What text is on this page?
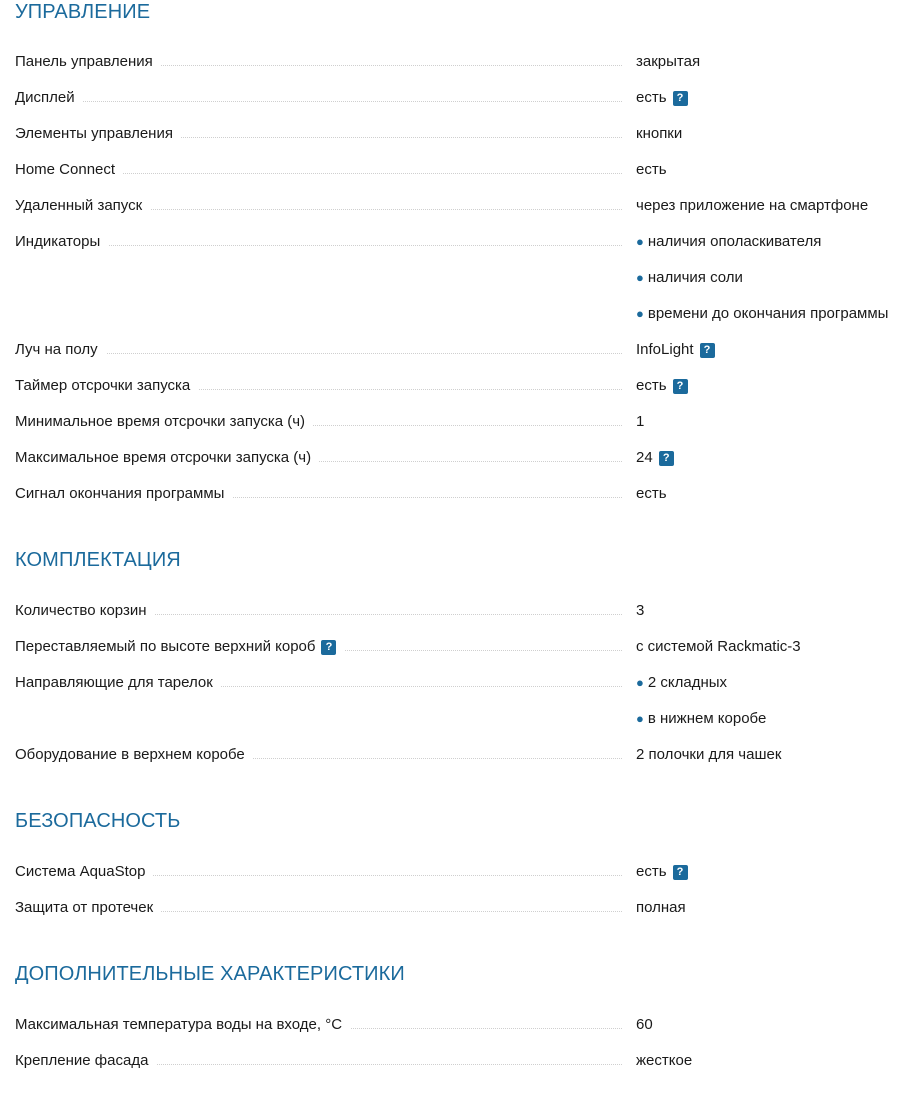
УПРАВЛЕНИЕ
Панель управления	закрытая
Дисплей	есть ?
Элементы управления	кнопки
Home Connect	есть
Удаленный запуск	через приложение на смартфоне
Индикаторы	● наличия ополаскивателя
● наличия соли
● времени до окончания программы
Луч на полу	InfoLight ?
Таймер отсрочки запуска	есть ?
Минимальное время отсрочки запуска (ч)	1
Максимальное время отсрочки запуска (ч)	24 ?
Сигнал окончания программы	есть
КОМПЛЕКТАЦИЯ
Количество корзин	3
Переставляемый по высоте верхний короб ?	с системой Rackmatic-3
Направляющие для тарелок	● 2 складных
● в нижнем коробе
Оборудование в верхнем коробе	2 полочки для чашек
БЕЗОПАСНОСТЬ
Система AquaStop	есть ?
Защита от протечек	полная
ДОПОЛНИТЕЛЬНЫЕ ХАРАКТЕРИСТИКИ
Максимальная температура воды на входе, °C	60
Крепление фасада	жесткое
